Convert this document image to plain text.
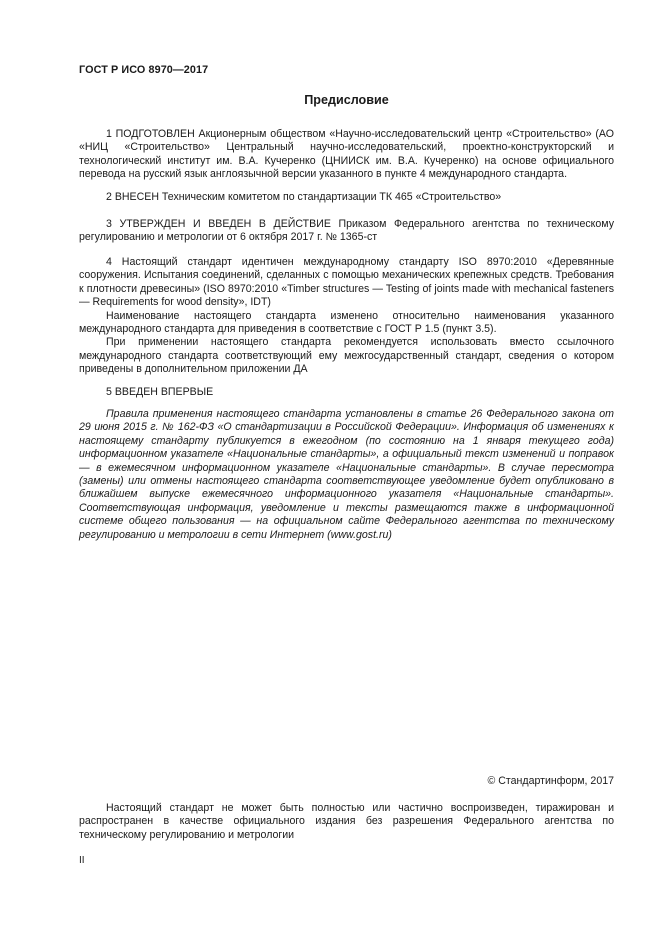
ГОСТ Р ИСО 8970—2017
Предисловие

1 ПОДГОТОВЛЕН Акционерным обществом «Научно-исследовательский центр «Строительство» (АО «НИЦ «Строительство» Центральный научно-исследовательский, проектно-конструкторский и технологический институт им. В.А. Кучеренко (ЦНИИСК им. В.А. Кучеренко) на основе официального перевода на русский язык англоязычной версии указанного в пункте 4 международного стандарта.

2 ВНЕСЕН Техническим комитетом по стандартизации ТК 465 «Строительство»

3 УТВЕРЖДЕН И ВВЕДЕН В ДЕЙСТВИЕ Приказом Федерального агентства по техническому регулированию и метрологии от 6 октября 2017 г. № 1365-ст

4 Настоящий стандарт идентичен международному стандарту ISO 8970:2010 «Деревянные сооружения. Испытания соединений, сделанных с помощью механических крепежных средств. Требования к плотности древесины» (ISO 8970:2010 «Timber structures — Testing of joints made with mechanical fasteners — Requirements for wood density», IDT)

Наименование настоящего стандарта изменено относительно наименования указанного международного стандарта для приведения в соответствие с ГОСТ Р 1.5 (пункт 3.5).

При применении настоящего стандарта рекомендуется использовать вместо ссылочного международного стандарта соответствующий ему межгосударственный стандарт, сведения о котором приведены в дополнительном приложении ДА

5 ВВЕДЕН ВПЕРВЫЕ

Правила применения настоящего стандарта установлены в статье 26 Федерального закона от 29 июня 2015 г. № 162-ФЗ «О стандартизации в Российской Федерации». Информация об изменениях к настоящему стандарту публикуется в ежегодном (по состоянию на 1 января текущего года) информационном указателе «Национальные стандарты», а официальный текст изменений и поправок — в ежемесячном информационном указателе «Национальные стандарты». В случае пересмотра (замены) или отмены настоящего стандарта соответствующее уведомление будет опубликовано в ближайшем выпуске ежемесячного информационного указателя «Национальные стандарты». Соответствующая информация, уведомление и тексты размещаются также в информационной системе общего пользования — на официальном сайте Федерального агентства по техническому регулированию и метрологии в сети Интернет (www.gost.ru)

© Стандартинформ, 2017

Настоящий стандарт не может быть полностью или частично воспроизведен, тиражирован и распространен в качестве официального издания без разрешения Федерального агентства по техническому регулированию и метрологии

II
